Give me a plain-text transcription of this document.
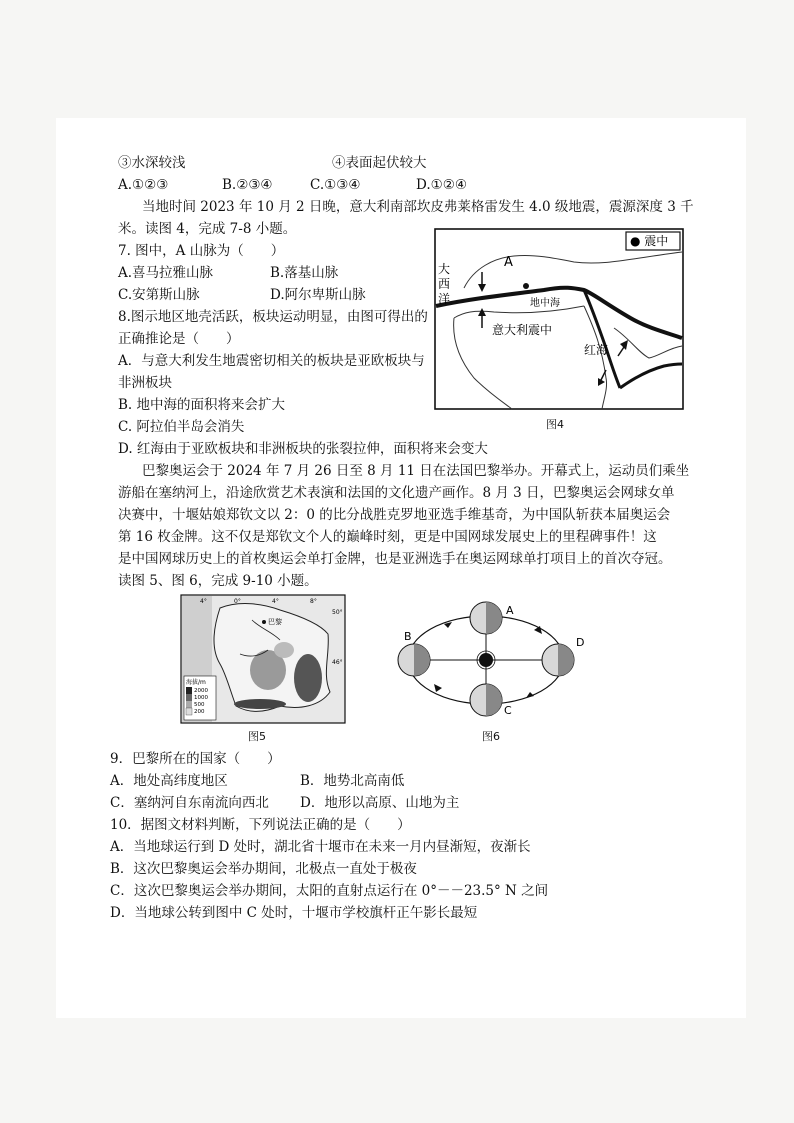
③水深较浅	④表面起伏较大
A.①②③	B.②③④	C.①③④	D.①②④
当地时间 2023 年 10 月 2 日晚，意大利南部坎皮弗莱格雷发生 4.0 级地震，震源深度 3 千
米。读图 4，完成 7-8 小题。
7. 图中，A 山脉为（　　）
A.喜马拉雅山脉	B.落基山脉
C.安第斯山脉	D.阿尔卑斯山脉
8.图示地区地壳活跃，板块运动明显，由图可得出的
正确推论是（　　）
A．与意大利发生地震密切相关的板块是亚欧板块与
非洲板块
B. 地中海的面积将来会扩大
C. 阿拉伯半岛会消失
D. 红海由于亚欧板块和非洲板块的张裂拉伸，面积将来会变大
● 震中
大
西
洋
A
意大利震中
地中海
红海
图4
巴黎奥运会于 2024 年 7 月 26 日至 8 月 11 日在法国巴黎举办。开幕式上，运动员们乘坐
游船在塞纳河上，沿途欣赏艺术表演和法国的文化遗产画作。8 月 3 日，巴黎奥运会网球女单
决赛中，十堰姑娘郑钦文以 2：0 的比分战胜克罗地亚选手维基奇，为中国队斩获本届奥运会
第 16 枚金牌。这不仅是郑钦文个人的巅峰时刻，更是中国网球发展史上的里程碑事件！这
是中国网球历史上的首枚奥运会单打金牌，也是亚洲选手在奥运网球单打项目上的首次夺冠。
读图 5、图 6，完成 9-10 小题。
巴黎
4°	0°	4°	8°
50°
46°
海拔/m
2000
1000
500
200
图5
A
B
C
D
图6
9．巴黎所在的国家（　　）
A．地处高纬度地区	B．地势北高南低
C．塞纳河自东南流向西北 D．地形以高原、山地为主
10．据图文材料判断，下列说法正确的是（　　）
A．当地球运行到 D 处时，湖北省十堰市在未来一月内昼渐短，夜渐长
B．这次巴黎奥运会举办期间，北极点一直处于极夜
C．这次巴黎奥运会举办期间，太阳的直射点运行在 0°－－23.5° N 之间
D．当地球公转到图中 C 处时，十堰市学校旗杆正午影长最短
